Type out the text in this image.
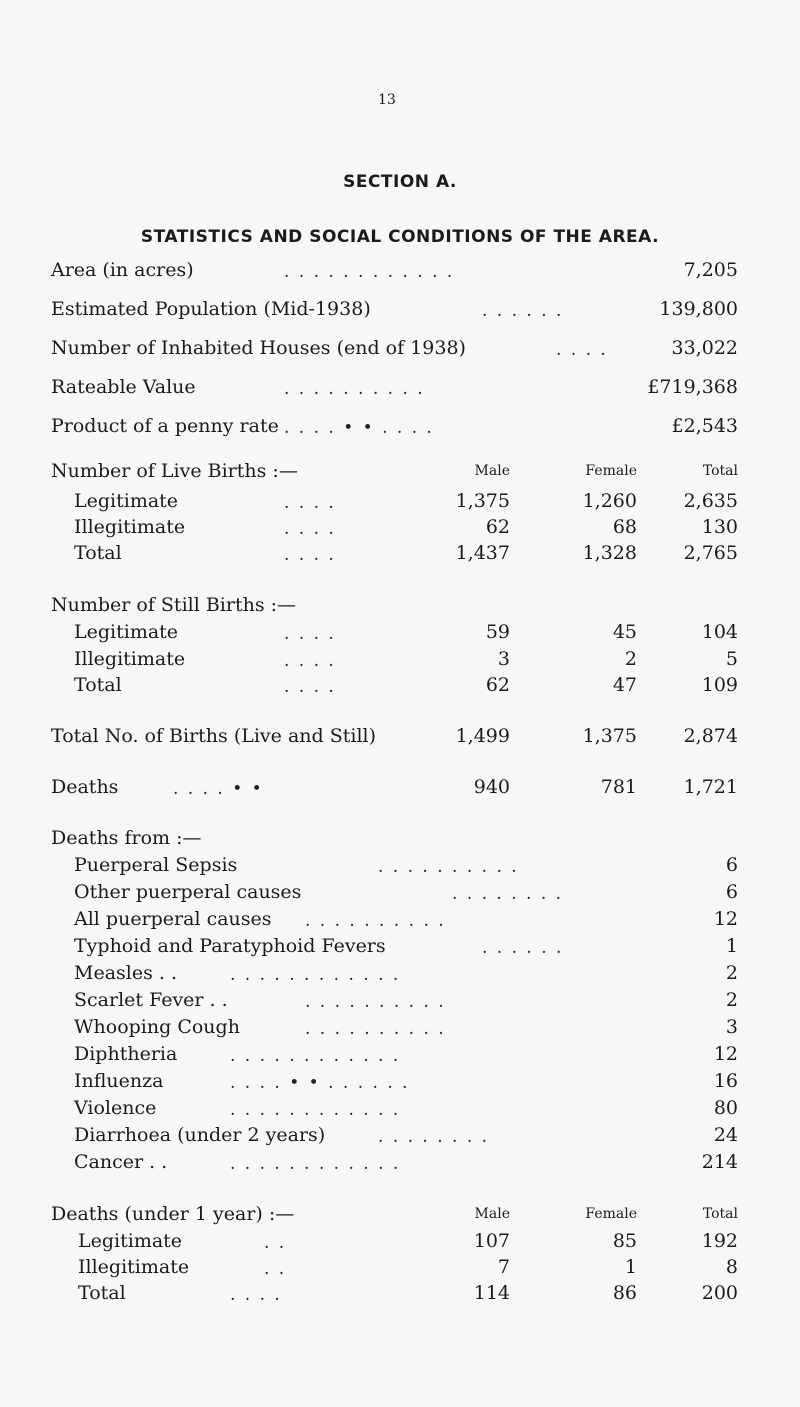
13
SECTION A.
STATISTICS AND SOCIAL CONDITIONS OF THE AREA.
Area (in acres)	. . . . . . . . . . . .	7,205
Estimated Population (Mid-1938)	. . . . . .	139,800
Number of Inhabited Houses (end of 1938)	. . . .	33,022
Rateable Value	. . . . . . . . . .	£719,368
Product of a penny rate . . . . • • . . . .	£2,543
Number of Live Births :—	Male	Female	Total
Legitimate	. . . .	1,375	1,260 2,635
Illegitimate	. . . .	62	68	130
Total	. . . .	1,437	1,328 2,765
Number of Still Births :—
Legitimate	. . . .	59	45	104
Illegitimate	. . . .	3	2	5
Total	. . . .	62	47	109
Total No. of Births (Live and Still)	1,499	1,375 2,874
Deaths	. . . . • •	940	781 1,721
Deaths from :—
Puerperal Sepsis	. . . . . . . . . .	6
Other puerperal causes	. . . . . . . .	6
All puerperal causes . . . . . . . . . .	12
Typhoid and Paratyphoid Fevers	. . . . . .	1
Measles . .	. . . . . . . . . . . .	2
Scarlet Fever . .	. . . . . . . . . .	2
Whooping Cough	. . . . . . . . . .	3
Diphtheria	. . . . . . . . . . . .	12
Influenza	. . . . • • . . . . . .	16
Violence	. . . . . . . . . . . .	80
Diarrhoea (under 2 years)	. . . . . . . .	24
Cancer . .	. . . . . . . . . . . .	214
Deaths (under 1 year) :—	Male	Female	Total
Legitimate	. .	107	85	192
Illegitimate	. .	7	1	8
Total	. . . .	114	86	200
